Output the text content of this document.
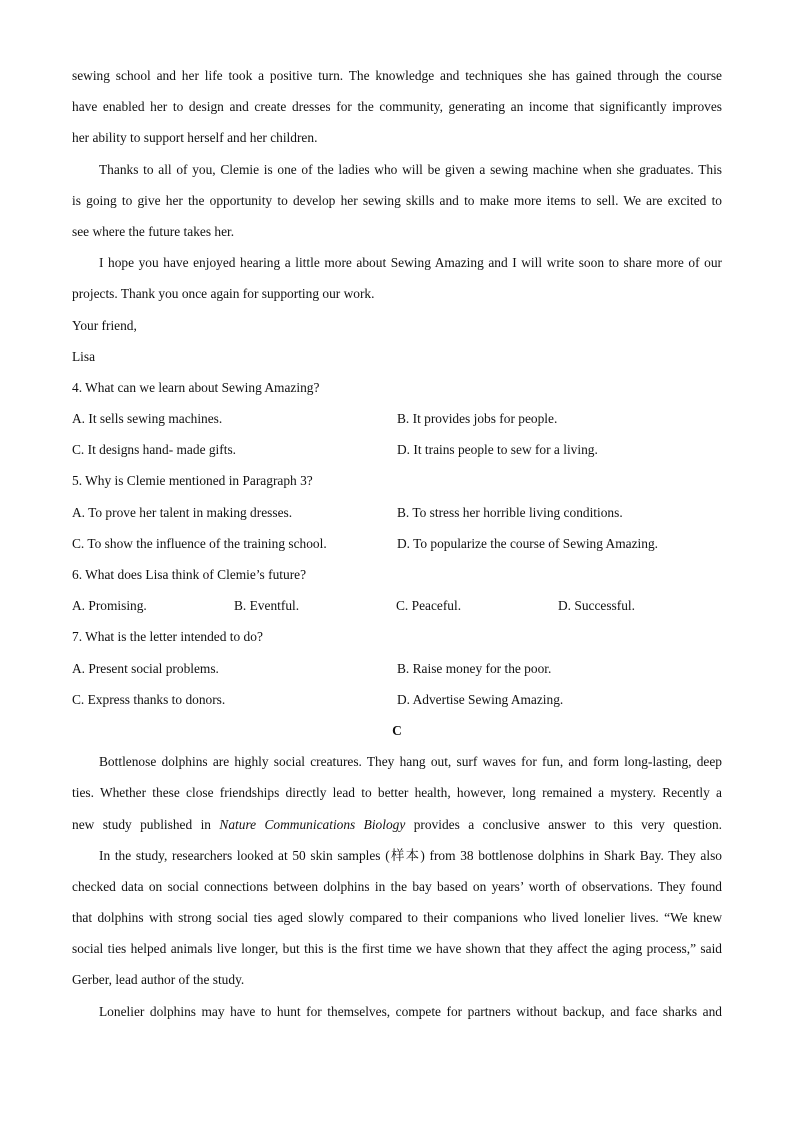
sewing school and her life took a positive turn. The knowledge and techniques she has gained through the course
have enabled her to design and create dresses for the community, generating an income that significantly improves
her ability to support herself and her children.
Thanks to all of you, Clemie is one of the ladies who will be given a sewing machine when she graduates. This
is going to give her the opportunity to develop her sewing skills and to make more items to sell. We are excited to
see where the future takes her.
I hope you have enjoyed hearing a little more about Sewing Amazing and I will write soon to share more of our
projects. Thank you once again for supporting our work.
Your friend,
Lisa
4. What can we learn about Sewing Amazing?
A. It sells sewing machines.	B. It provides jobs for people.
C. It designs hand- made gifts.	D. It trains people to sew for a living.
5. Why is Clemie mentioned in Paragraph 3?
A. To prove her talent in making dresses.	B. To stress her horrible living conditions.
C. To show the influence of the training school.	D. To popularize the course of Sewing Amazing.
6. What does Lisa think of Clemie’s future?
A. Promising.	B. Eventful.	C. Peaceful.	D. Successful.
7. What is the letter intended to do?
A. Present social problems.	B. Raise money for the poor.
C. Express thanks to donors.	D. Advertise Sewing Amazing.
C
Bottlenose dolphins are highly social creatures. They hang out, surf waves for fun, and form long-lasting, deep
ties. Whether these close friendships directly lead to better health, however, long remained a mystery. Recently a
new study published in Nature Communications Biology provides a conclusive answer to this very question.
In the study, researchers looked at 50 skin samples (样本) from 38 bottlenose dolphins in Shark Bay. They also
checked data on social connections between dolphins in the bay based on years’ worth of observations. They found
that dolphins with strong social ties aged slowly compared to their companions who lived lonelier lives. “We knew
social ties helped animals live longer, but this is the first time we have shown that they affect the aging process,” said
Gerber, lead author of the study.
Lonelier dolphins may have to hunt for themselves, compete for partners without backup, and face sharks and
